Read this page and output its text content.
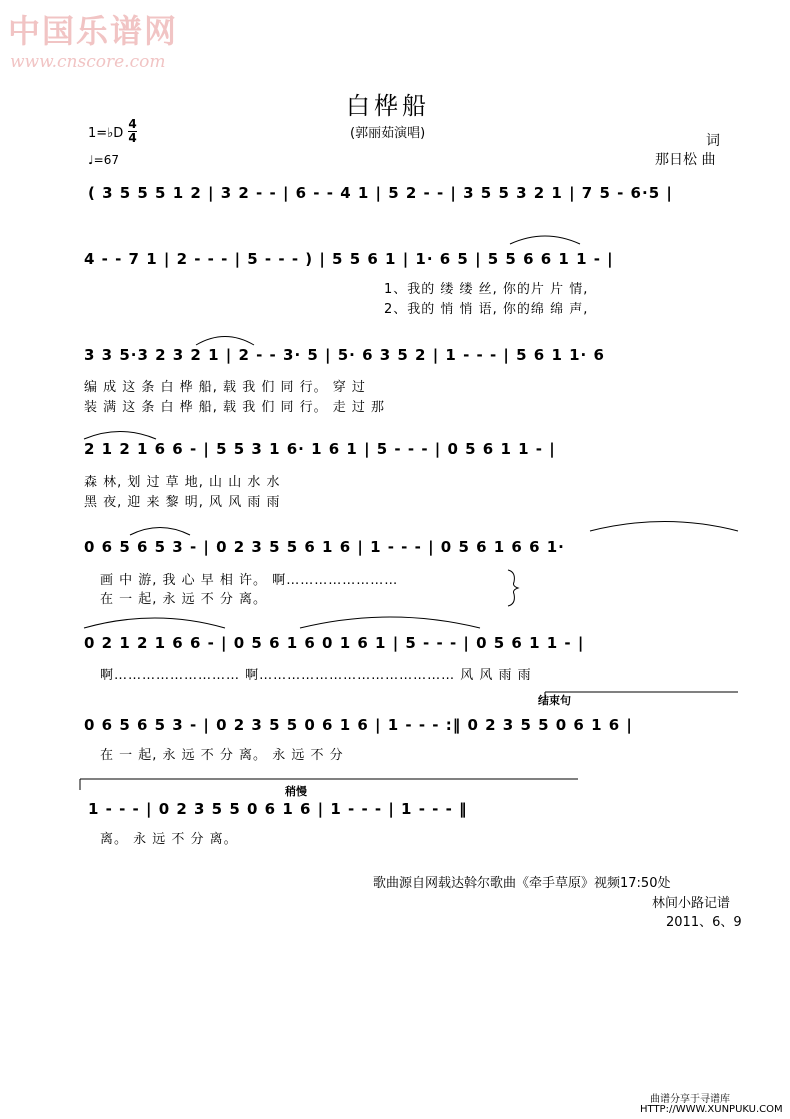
中国乐谱网
www.cnscore.com
白桦船
(郭丽茹演唱)	词
那日松 曲
1=♭D
4
4
♩=67
( 3 5 5 5 1 2 | 3 2 - - | 6 - - 4 1 | 5 2 - - | 3 5 5 3 2 1 | 7 5 - 6·5 |
4 - - 7 1 | 2 - - - | 5 - - - ) | 5 5 6 1 | 1· 6 5 | 5 5 6 6 1 1 - |
1、我的 缕 缕 丝, 你的片 片 情,
2、我的 悄 悄 语, 你的绵 绵 声,
3 3 5·3 2 3 2 1 | 2 - - 3· 5 | 5· 6 3 5 2 | 1 - - - | 5 6 1 1· 6
编 成 这 条 白 桦 船, 载 我 们 同 行。 穿 过
装 满 这 条 白 桦 船, 载 我 们 同 行。 走 过 那
2 1 2 1 6 6 - | 5 5 3 1 6· 1 6 1 | 5 - - - | 0 5 6 1 1 - |
森 林, 划 过 草 地, 山 山 水 水
黑 夜, 迎 来 黎 明, 风 风 雨 雨
0 6 5 6 5 3 - | 0 2 3 5 5 6 1 6 | 1 - - - | 0 5 6 1 6 6 1·
画 中 游, 我 心 早 相 许。 啊……………………
在 一 起, 永 远 不 分 离。
0 2 1 2 1 6 6 - | 0 5 6 1 6 0 1 6 1 | 5 - - - | 0 5 6 1 1 - |
啊……………………… 啊…………………………………… 风 风 雨 雨
结束句
0 6 5 6 5 3 - | 0 2 3 5 5 0 6 1 6 | 1 - - - :‖ 0 2 3 5 5 0 6 1 6 |
在 一 起, 永 远 不 分 离。 永 远 不 分
稍慢
1 - - - | 0 2 3 5 5 0 6 1 6 | 1 - - - | 1 - - - ‖
离。 永 远 不 分 离。
歌曲源自网载达斡尔歌曲《牵手草原》视频17:50处
林间小路记谱
2011、6、9
曲谱分享于寻谱库
HTTP://WWW.XUNPUKU.COM
